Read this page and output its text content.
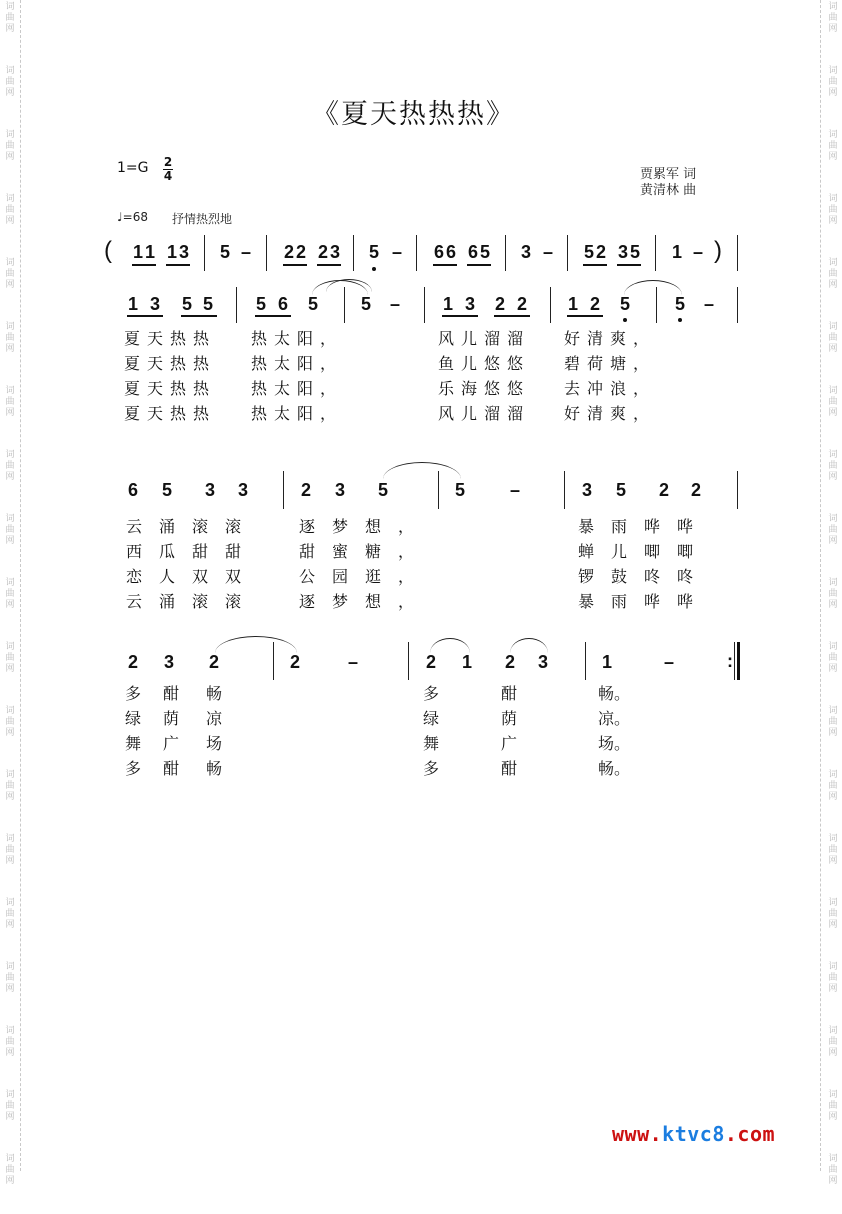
词
曲
网
词
曲
网
词
曲
网
词
曲
网
词
曲
网
词
曲
网
词
曲
网
词
曲
网
词
曲
网
词
曲
网
词
曲
网
词
曲
网
词
曲
网
词
曲
网
词
曲
网
词
曲
网
词
曲
网
词
曲
网
词
曲
网
词
曲
网
词
曲
网
词
曲
网
词
曲
网
词
曲
网
词
曲
网
词
曲
网
词
曲
网
词
曲
网
词
曲
网
词
曲
网
词
曲
网
词
曲
网
词
曲
网
词
曲
网
词
曲
网
词
曲
网
词
曲
网
词
曲
网
《夏天热热热》
1=G 2
4	贾累军 词
黄清林 曲
♩=68 抒情热烈地
( 1 1 1 3 5 – 2 2 2 3 5 – 6 6 6 5 3 – 5 2 3 5 1 – )
1 3 5 5 5 6 5 5 – 1 3 2 2 1 2 5 5 –
夏天热热 热太阳，	风儿溜溜 好清爽，
夏天热热 热太阳，	鱼儿悠悠 碧荷塘，
夏天热热 热太阳，	乐海悠悠 去冲浪，
夏天热热 热太阳，	风儿溜溜 好清爽，
6 5 3 3	2 3 5	5 –	3 5 2 2
云涌滚滚	逐梦想，	暴雨哗哗
西瓜甜甜	甜蜜糖，	蝉儿唧唧
恋人双双	公园逛，	锣鼓咚咚
云涌滚滚	逐梦想，	暴雨哗哗
2 3 2	2	–	2 1 2 3	1	–	:
多 酣 畅	多	酣	畅。
绿 荫 凉	绿	荫	凉。
舞 广 场	舞	广	场。
多 酣 畅	多	酣	畅。
www.ktvc8.com
